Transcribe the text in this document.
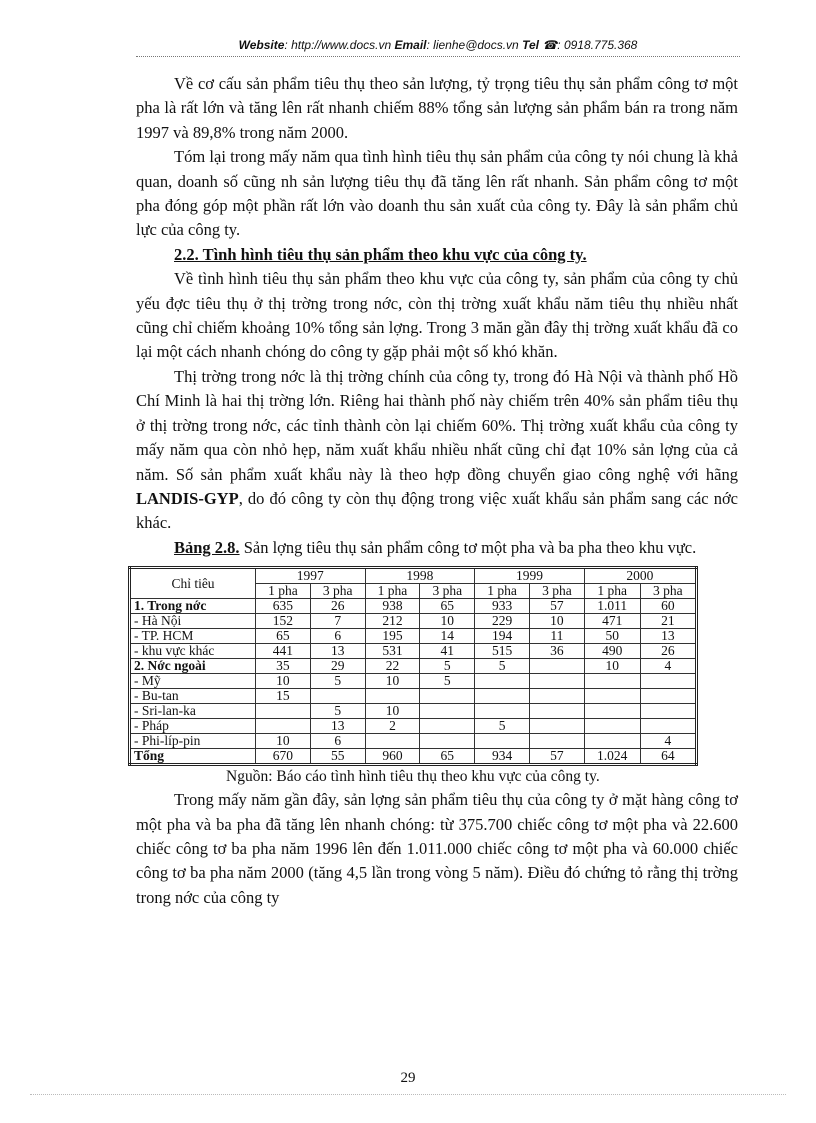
Website: http://www.docs.vn Email: lienhe@docs.vn Tel ☎: 0918.775.368

Về cơ cấu sản phẩm tiêu thụ theo sản lượng, tỷ trọng tiêu thụ sản phẩm công tơ một pha là rất lớn và tăng lên rất nhanh chiếm 88% tổng sản lượng sản phẩm bán ra trong năm 1997 và 89,8% trong năm 2000.

Tóm lại trong mấy năm qua tình hình tiêu thụ sản phẩm của công ty nói chung là khả quan, doanh số cũng nh sản lượng tiêu thụ đã tăng lên rất nhanh. Sản phẩm công tơ một pha đóng góp một phần rất lớn vào doanh thu sản xuất của công ty. Đây là sản phẩm chủ lực của công ty.

2.2. Tình hình tiêu thụ sản phẩm theo khu vực của công ty.

Về tình hình tiêu thụ sản phẩm theo khu vực của công ty, sản phẩm của công ty chủ yếu đợc tiêu thụ ở thị trờng trong nớc, còn thị trờng xuất khẩu năm tiêu thụ nhiều nhất cũng chỉ chiếm khoảng 10% tổng sản lợng. Trong 3 măn gần đây thị trờng xuất khẩu đã co lại một cách nhanh chóng do công ty gặp phải một số khó khăn.

Thị trờng trong nớc là thị trờng chính của công ty, trong đó Hà Nội và thành phố Hồ Chí Minh là hai thị trờng lớn. Riêng hai thành phố này chiếm trên 40% sản phẩm tiêu thụ ở thị trờng trong nớc, các tỉnh thành còn lại chiếm 60%. Thị trờng xuất khẩu của công ty mấy năm qua còn nhỏ hẹp, năm xuất khẩu nhiều nhất cũng chỉ đạt 10% sản lợng của cả năm. Số sản phẩm xuất khẩu này là theo hợp đồng chuyển giao công nghệ với hãng LANDIS-GYP, do đó công ty còn thụ động trong việc xuất khẩu sản phẩm sang các nớc khác.

Bảng 2.8. Sản lợng tiêu thụ sản phẩm công tơ một pha và ba pha theo khu vực.

Chỉ tiêu	1997		1998		1999		2000	
	1 pha	3 pha	1 pha	3 pha	1 pha	3 pha	1 pha	3 pha
1. Trong nớc	635	26	938	65	933	57	1.011	60
- Hà Nội	152	7	212	10	229	10	471	21
- TP. HCM	65	6	195	14	194	11	50	13
- khu vực khác	441	13	531	41	515	36	490	26
2. Nớc ngoài	35	29	22	5	5		10	4
- Mỹ	10	5	10	5				
- Bu-tan	15							
- Sri-lan-ka		5	10					
- Pháp		13	2		5			
- Phi-líp-pin	10	6						4
Tổng	670	55	960	65	934	57	1.024	64
Nguồn: Báo cáo tình hình tiêu thụ theo khu vực của công ty.

Trong mấy năm gần đây, sản lợng sản phẩm tiêu thụ của công ty ở mặt hàng công tơ một pha và ba pha đã tăng lên nhanh chóng: từ 375.700 chiếc công tơ một pha và 22.600 chiếc công tơ ba pha năm 1996 lên đến 1.011.000 chiếc công tơ một pha và 60.000 chiếc công tơ ba pha năm 2000 (tăng 4,5 lần trong vòng 5 năm). Điều đó chứng tỏ rằng thị trờng trong nớc của công ty

29
